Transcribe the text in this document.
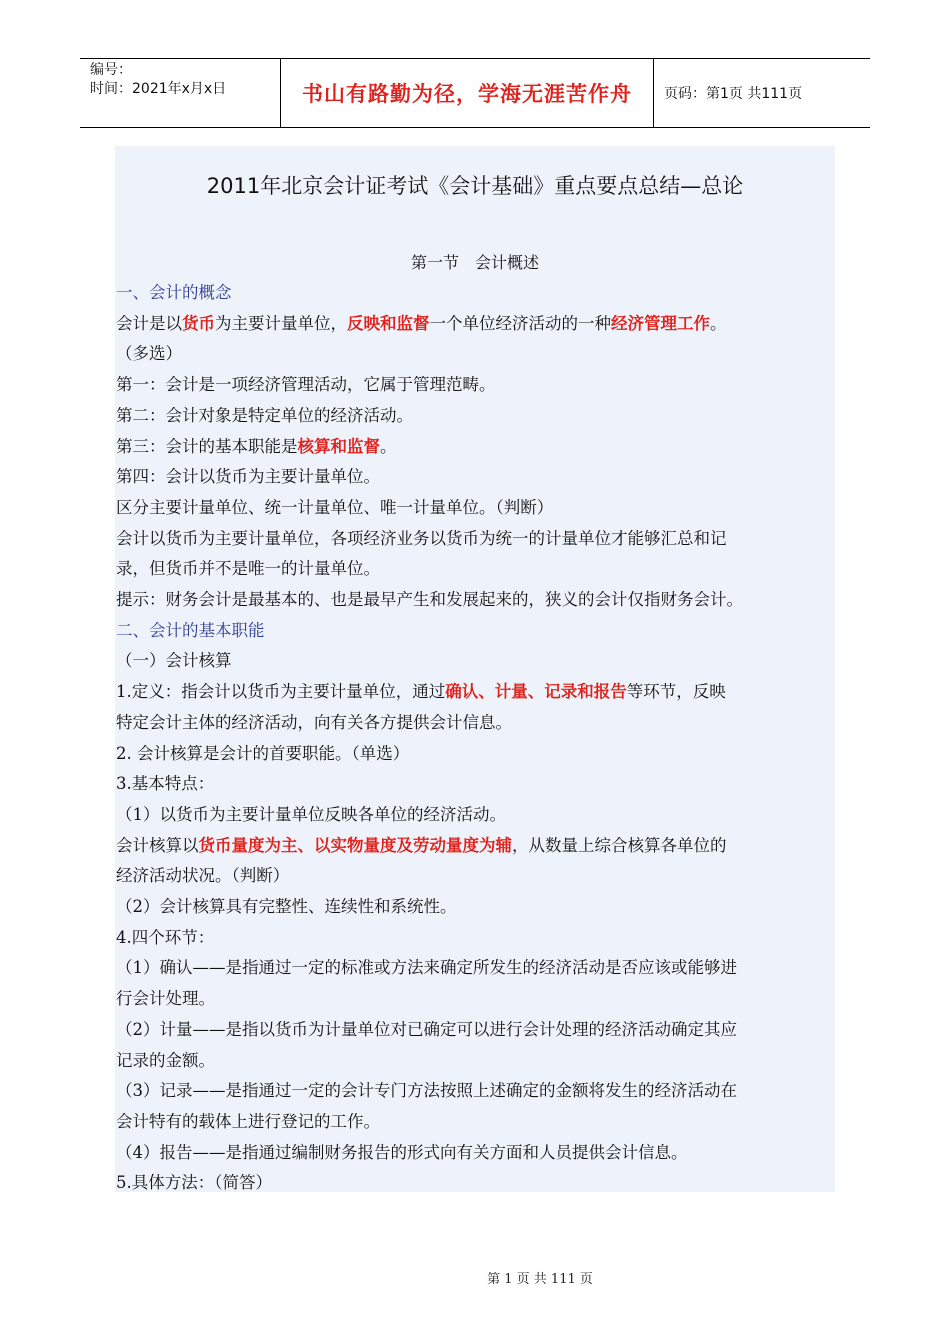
编号：
时间：2021年x月x日	书山有路勤为径，学海无涯苦作舟	页码：第1页 共111页
2011年北京会计证考试《会计基础》重点要点总结—总论
第一节　会计概述

一、会计的概念

会计是以货币为主要计量单位，反映和监督一个单位经济活动的一种经济管理工作。

（多选）

第一：会计是一项经济管理活动，它属于管理范畴。

第二：会计对象是特定单位的经济活动。

第三：会计的基本职能是核算和监督。

第四：会计以货币为主要计量单位。

区分主要计量单位、统一计量单位、唯一计量单位。（判断）

会计以货币为主要计量单位，各项经济业务以货币为统一的计量单位才能够汇总和记

录，但货币并不是唯一的计量单位。

提示：财务会计是最基本的、也是最早产生和发展起来的，狭义的会计仅指财务会计。

二、会计的基本职能

（一）会计核算

1.定义：指会计以货币为主要计量单位，通过确认、计量、记录和报告等环节，反映

特定会计主体的经济活动，向有关各方提供会计信息。

2. 会计核算是会计的首要职能。（单选）

3.基本特点：

（1）以货币为主要计量单位反映各单位的经济活动。

会计核算以货币量度为主、以实物量度及劳动量度为辅，从数量上综合核算各单位的

经济活动状况。（判断）

（2）会计核算具有完整性、连续性和系统性。

4.四个环节：

（1）确认——是指通过一定的标准或方法来确定所发生的经济活动是否应该或能够进

行会计处理。

（2）计量——是指以货币为计量单位对已确定可以进行会计处理的经济活动确定其应

记录的金额。

（3）记录——是指通过一定的会计专门方法按照上述确定的金额将发生的经济活动在

会计特有的载体上进行登记的工作。

（4）报告——是指通过编制财务报告的形式向有关方面和人员提供会计信息。

5.具体方法：（简答）

第 1 页 共 111 页
